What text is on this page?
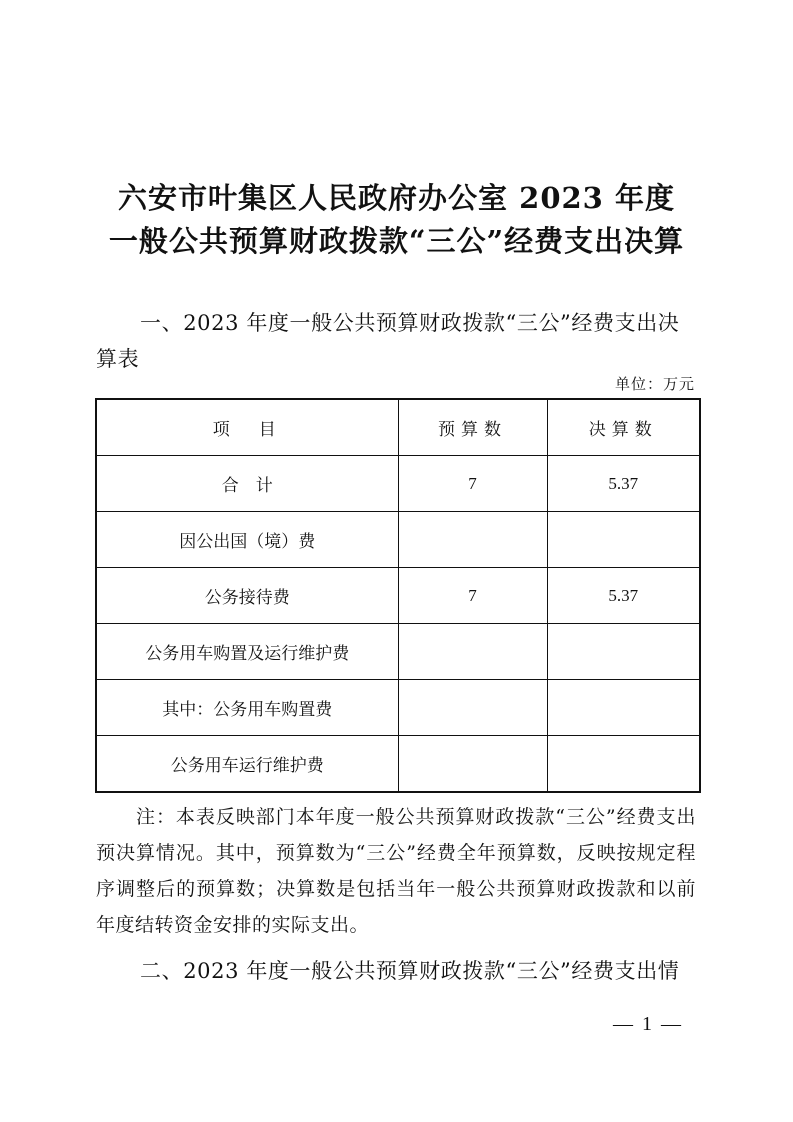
六安市叶集区人民政府办公室 2023 年度
一般公共预算财政拨款“三公”经费支出决算
一、2023 年度一般公共预算财政拨款“三公”经费支出决算表
单位：万元
项　目	预算数	决算数
合　计	7	5.37
因公出国（境）费		
公务接待费	7	5.37
公务用车购置及运行维护费		
其中：公务用车购置费		
公务用车运行维护费		
注：本表反映部门本年度一般公共预算财政拨款“三公”经费支出预决算情况。其中，预算数为“三公”经费全年预算数，反映按规定程序调整后的预算数；决算数是包括当年一般公共预算财政拨款和以前年度结转资金安排的实际支出。
二、2023 年度一般公共预算财政拨款“三公”经费支出情
— 1 —
